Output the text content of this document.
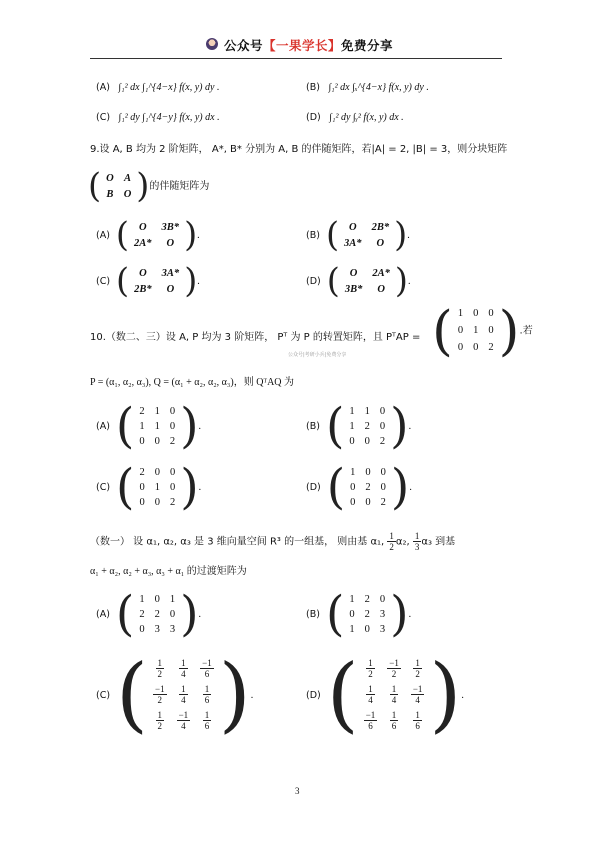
公众号【一果学长】免费分享
(A) ∫₁² dx ∫₁^{4−x} f(x, y) dy .	(B) ∫₁² dx ∫ₓ^{4−x} f(x, y) dy .
(C) ∫₁² dy ∫₁^{4−y} f(x, y) dx .	(D) ∫₁² dy ∫ᵧ² f(x, y) dx .
9.设 A, B 均为 2 阶矩阵， A*, B* 分别为 A, B 的伴随矩阵，若|A| = 2, |B| = 3，则分块矩阵
( O	A
B	O ) 的伴随矩阵为
(A) ( O	3B*
2A*	O ) .	(B) ( O	2B*
3A*	O ) .
(C) ( O	3A*
2B*	O ) .	(D) ( O	2A*
3B*	O ) .
10.（数二、三）设 A, P 均为 3 阶矩阵， Pᵀ 为 P 的转置矩阵，且 PᵀAP = ( 1	0	0
0	1	0
0	0	2 ) .若
公众号|考研小兵|免费分享
P = (α₁, α₂, α₃), Q = (α₁ + α₂, α₂, α₃)，则 QᵀAQ 为
(A) ( 2	1	0
1	1	0
0	0	2 ) .	(B) ( 1	1	0
1	2	0
0	0	2 ) .
(C) ( 2	0	0
0	1	0
0	0	2 ) .	(D) ( 1	0	0
0	2	0
0	0	2 ) .
（数一） 设 α₁, α₂, α₃ 是 3 维向量空间 R³ 的一组基， 则由基 α₁, $\frac{1}{2} \alpha_2$, $\frac{1}{3} \alpha_3$ 到基
α₁ + α₂, α₂ + α₃, α₃ + α₁ 的过渡矩阵为
(A) ( 1	0	1
2	2	0
0	3	3 ) .	(B) ( 1	2	0
0	2	3
1	0	3 ) .
(C) ( $\frac{1}{2}$	$\frac{1}{4}$	$\frac{-1}{6}$

$\frac{-1}{2}$	$\frac{1}{4}$	$\frac{1}{6}$

$\frac{1}{2}$	$\frac{-1}{4}$	$\frac{1}{6}$ ) .	(D) ( $\frac{1}{2}$	$\frac{-1}{2}$	$\frac{1}{2}$

$\frac{1}{4}$	$\frac{1}{4}$	$\frac{-1}{4}$

$\frac{-1}{6}$	$\frac{1}{6}$	$\frac{1}{6}$ ) .
3
